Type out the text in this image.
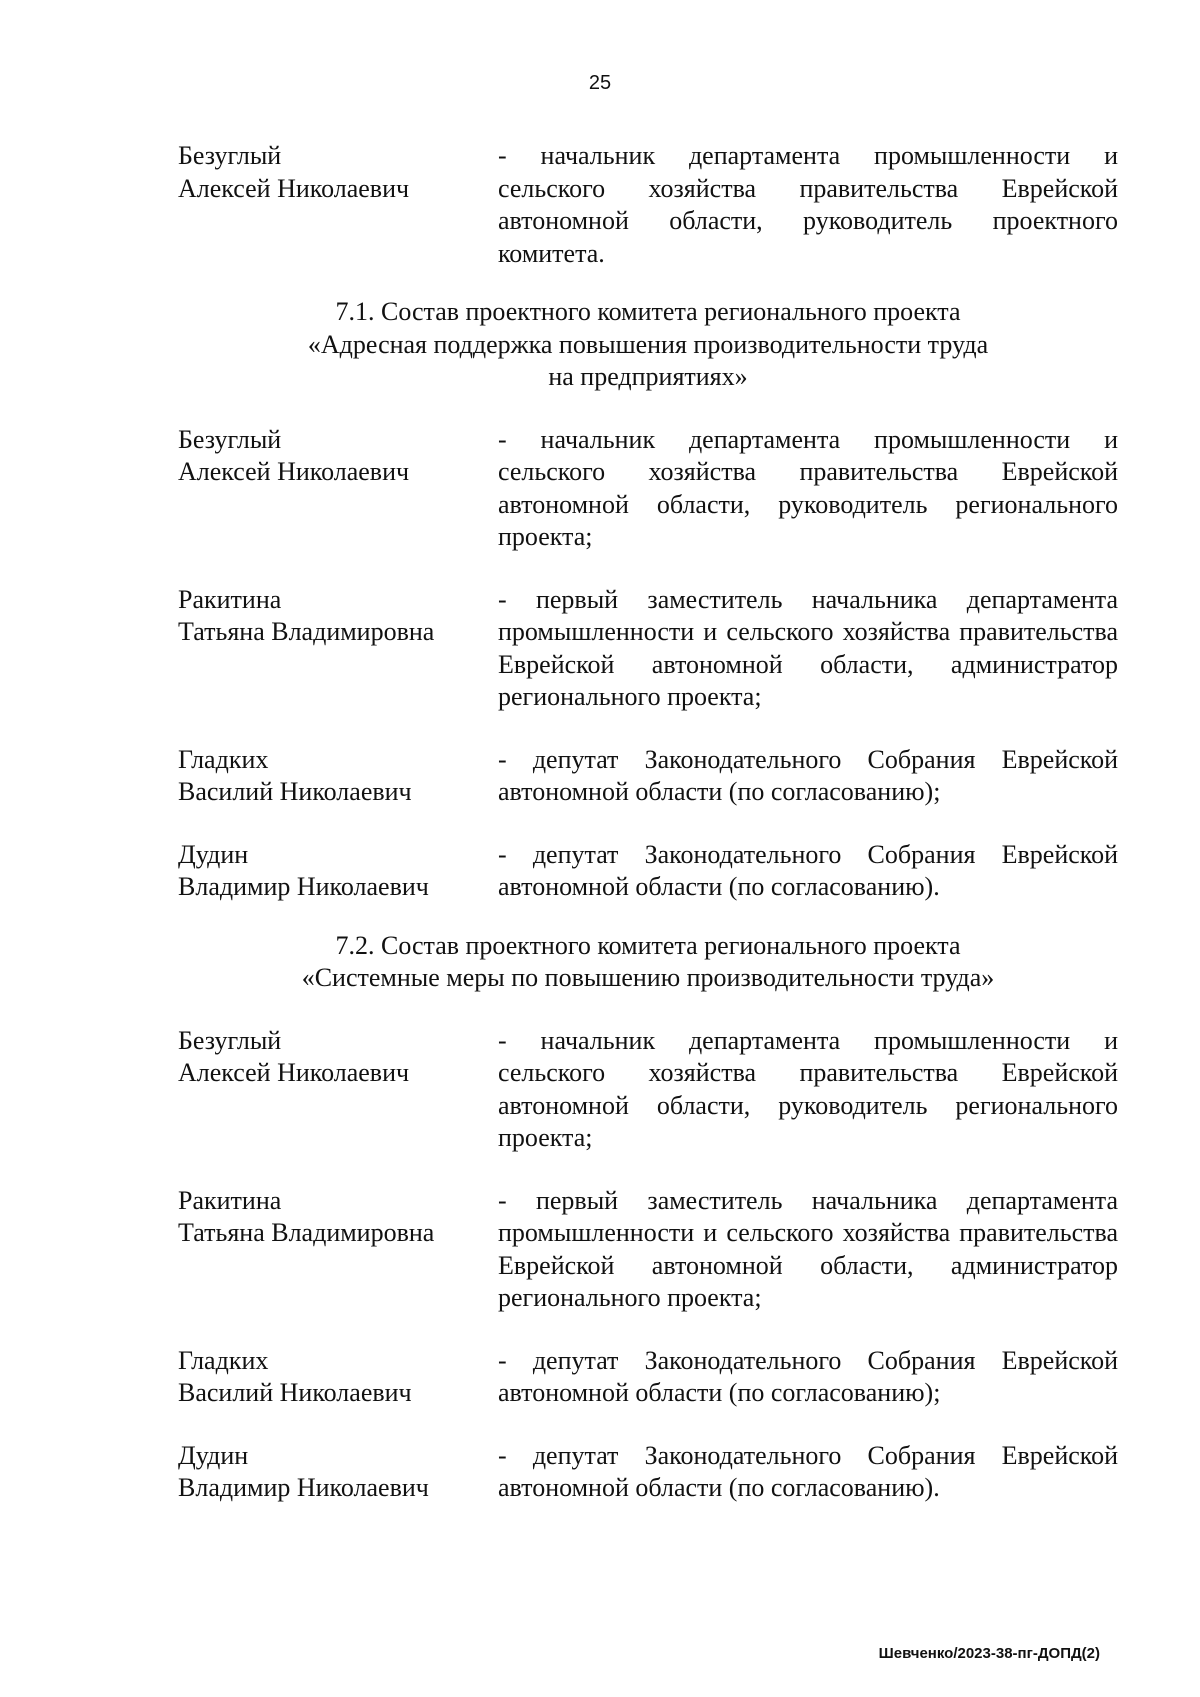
25
Безуглый
Алексей Николаевич
- начальник департамента промышленности и сельского хозяйства правительства Еврейской автономной области, руководитель проектного комитета.
7.1. Состав проектного комитета регионального проекта
«Адресная поддержка повышения производительности труда
на предприятиях»
Безуглый
Алексей Николаевич
- начальник департамента промышленности и сельского хозяйства правительства Еврейской автономной области, руководитель регионального проекта;
Ракитина
Татьяна Владимировна
- первый заместитель начальника департамента промышленности и сельского хозяйства правительства Еврейской автономной области, администратор регионального проекта;
Гладких
Василий Николаевич
- депутат Законодательного Собрания Еврейской автономной области (по согласованию);
Дудин
Владимир Николаевич
- депутат Законодательного Собрания Еврейской автономной области (по согласованию).
7.2. Состав проектного комитета регионального проекта
«Системные меры по повышению производительности труда»
Безуглый
Алексей Николаевич
- начальник департамента промышленности и сельского хозяйства правительства Еврейской автономной области, руководитель регионального проекта;
Ракитина
Татьяна Владимировна
- первый заместитель начальника департамента промышленности и сельского хозяйства правительства Еврейской автономной области, администратор регионального проекта;
Гладких
Василий Николаевич
- депутат Законодательного Собрания Еврейской автономной области (по согласованию);
Дудин
Владимир Николаевич
- депутат Законодательного Собрания Еврейской автономной области (по согласованию).
Шевченко/2023-38-пг-ДОПД(2)
